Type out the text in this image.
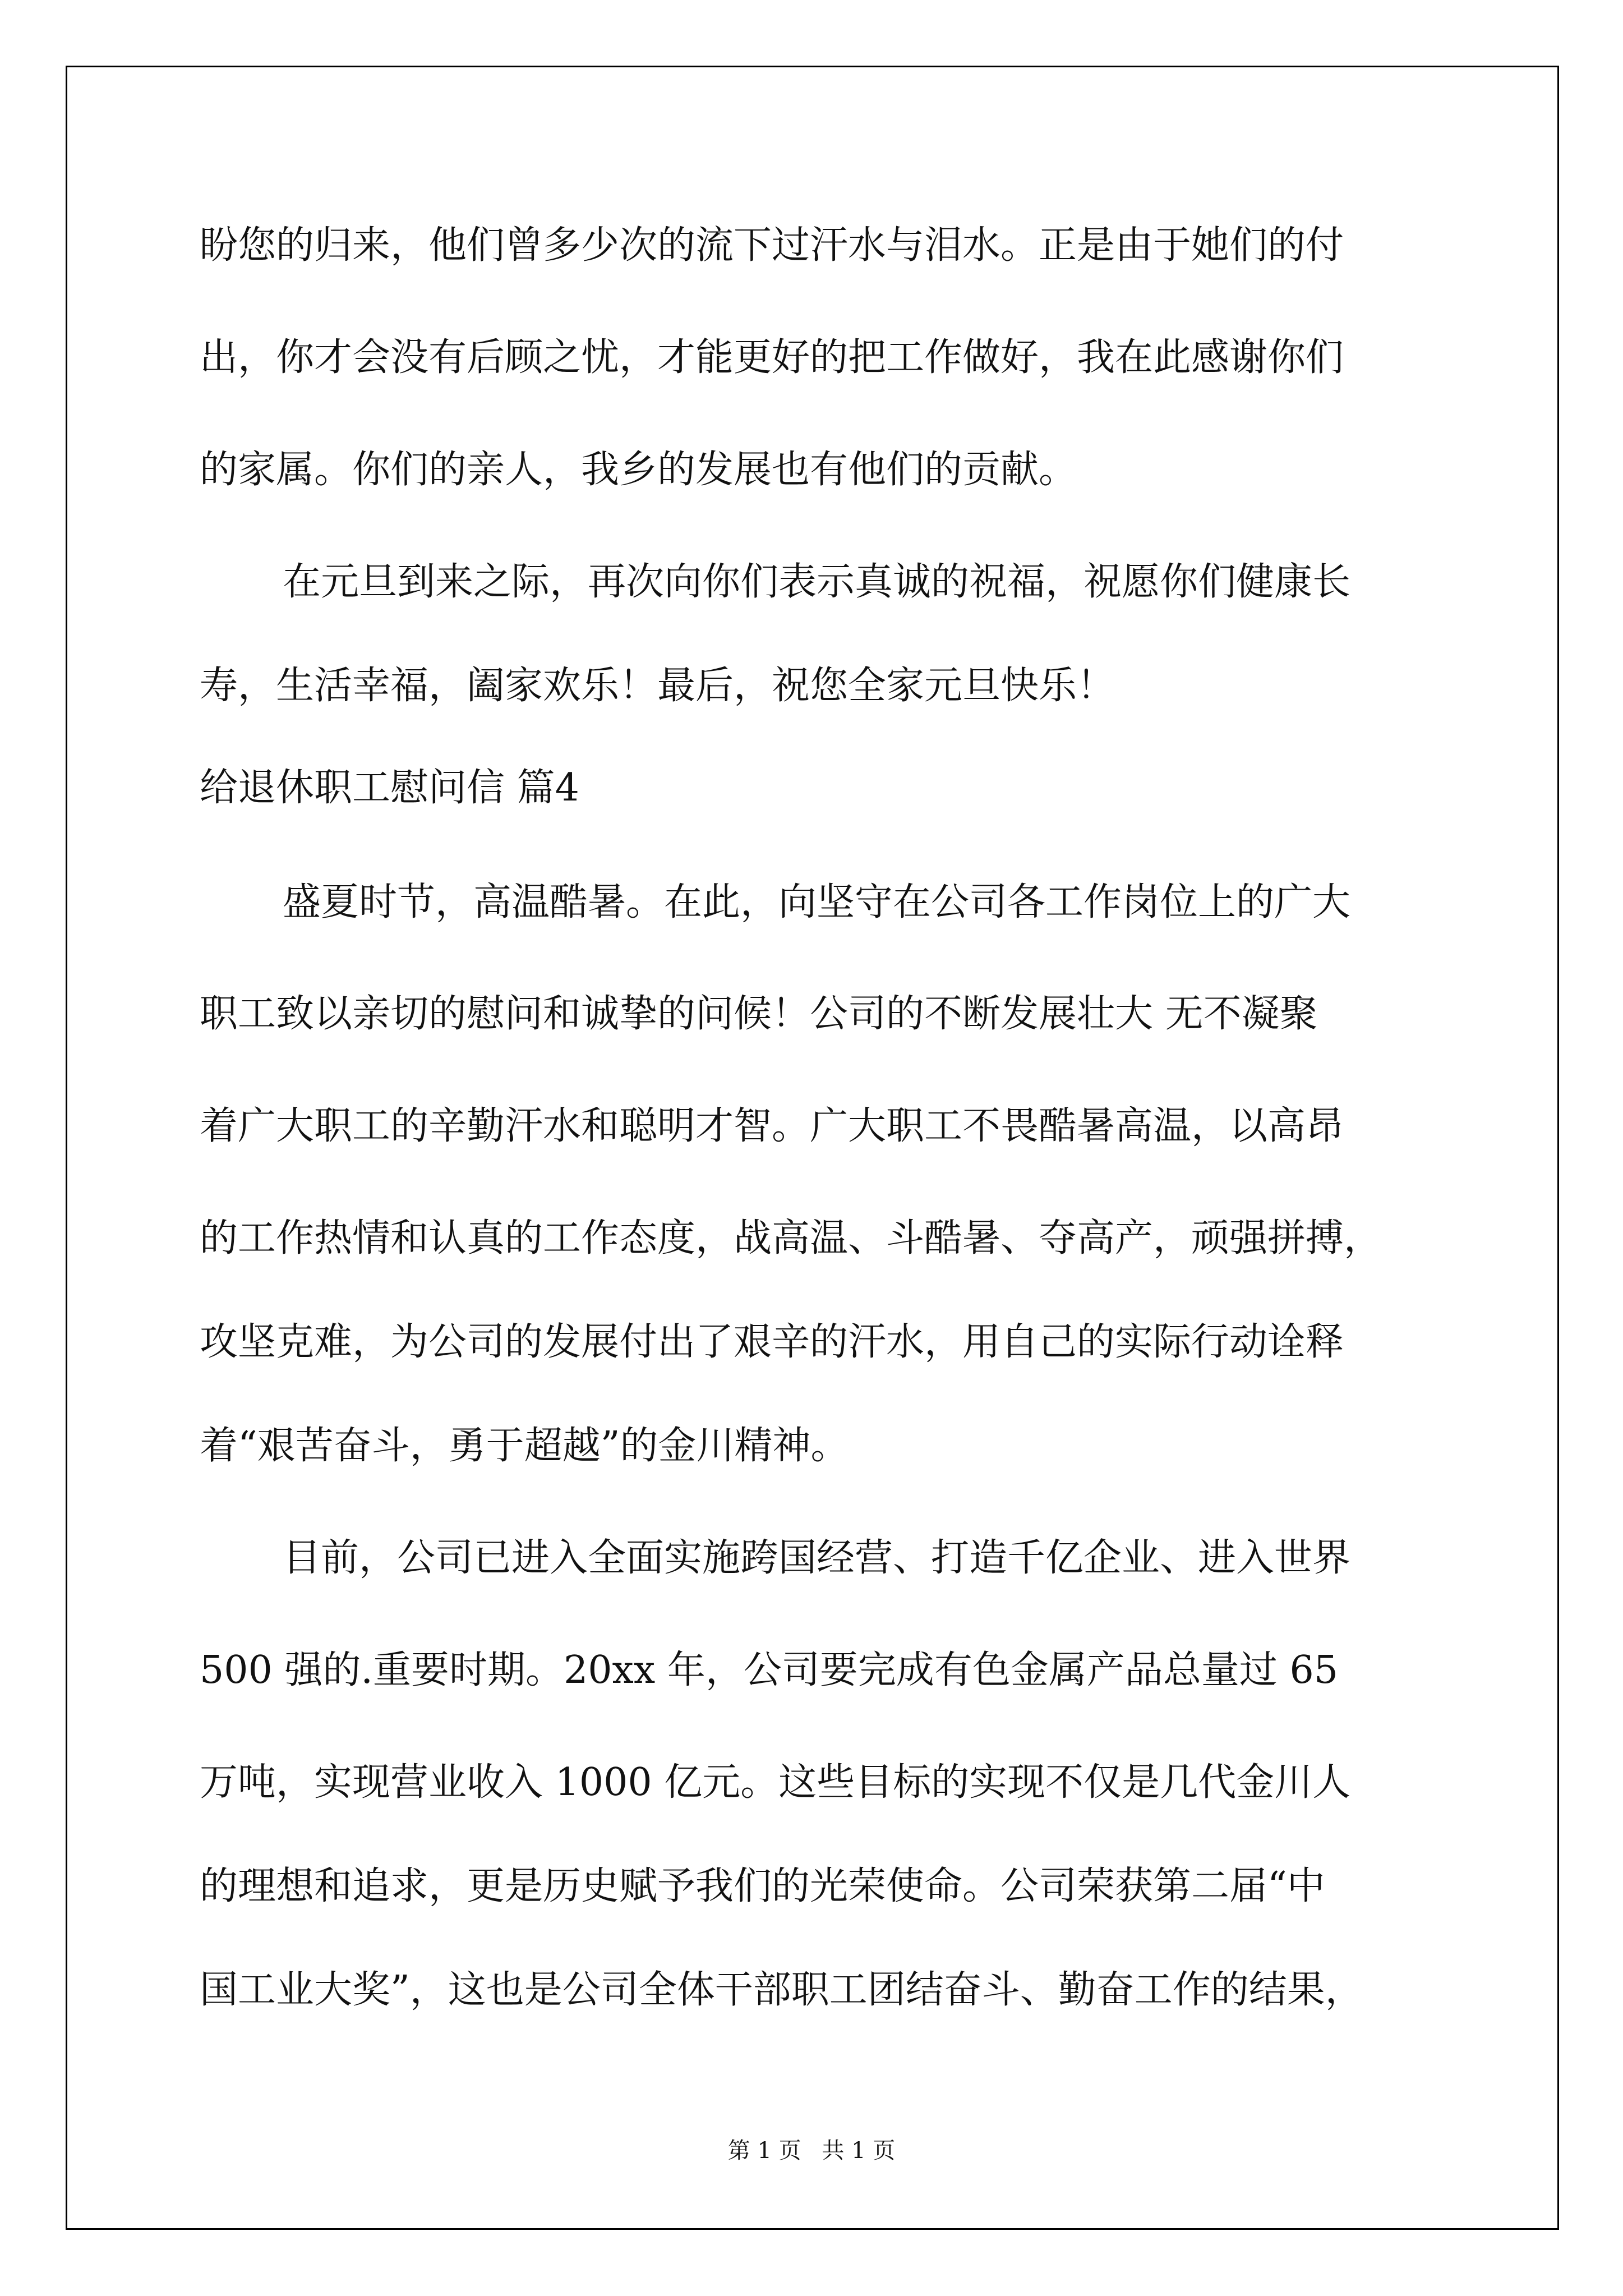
盼您的归来，他们曾多少次的流下过汗水与泪水。正是由于她们的付
出，你才会没有后顾之忧，才能更好的把工作做好，我在此感谢你们
的家属。你们的亲人，我乡的发展也有他们的贡献。
在元旦到来之际，再次向你们表示真诚的祝福，祝愿你们健康长
寿，生活幸福，阖家欢乐！最后，祝您全家元旦快乐！
给退休职工慰问信 篇4
盛夏时节，高温酷暑。在此，向坚守在公司各工作岗位上的广大
职工致以亲切的慰问和诚挚的问候！公司的不断发展壮大 无不凝聚
着广大职工的辛勤汗水和聪明才智。广大职工不畏酷暑高温，以高昂
的工作热情和认真的工作态度，战高温、斗酷暑、夺高产，顽强拼搏，
攻坚克难，为公司的发展付出了艰辛的汗水，用自己的实际行动诠释
着“艰苦奋斗，勇于超越”的金川精神。
目前，公司已进入全面实施跨国经营、打造千亿企业、进入世界
500 强的.重要时期。20xx 年，公司要完成有色金属产品总量过 65
万吨，实现营业收入 1000 亿元。这些目标的实现不仅是几代金川人
的理想和追求，更是历史赋予我们的光荣使命。公司荣获第二届“中
国工业大奖”，这也是公司全体干部职工团结奋斗、勤奋工作的结果，
第 1 页 共 1 页
